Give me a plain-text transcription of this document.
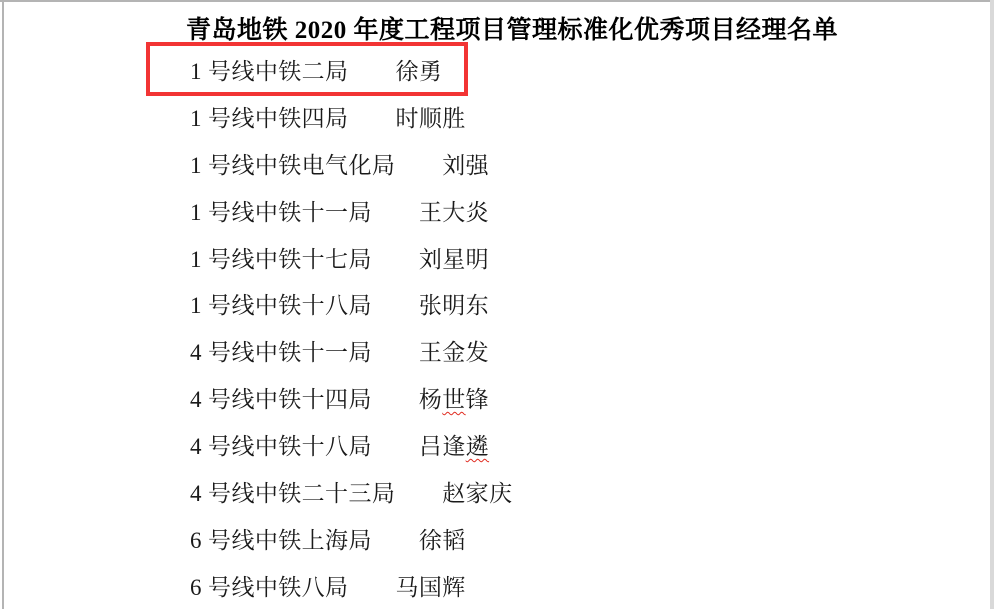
青岛地铁 2020 年度工程项目管理标准化优秀项目经理名单
1 号线中铁二局 徐勇
1 号线中铁四局 时顺胜
1 号线中铁电气化局 刘强
1 号线中铁十一局 王大炎
1 号线中铁十七局 刘星明
1 号线中铁十八局 张明东
4 号线中铁十一局 王金发
4 号线中铁十四局 杨世锋
4 号线中铁十八局 吕逢遴
4 号线中铁二十三局 赵家庆
6 号线中铁上海局 徐韬
6 号线中铁八局 马国辉
